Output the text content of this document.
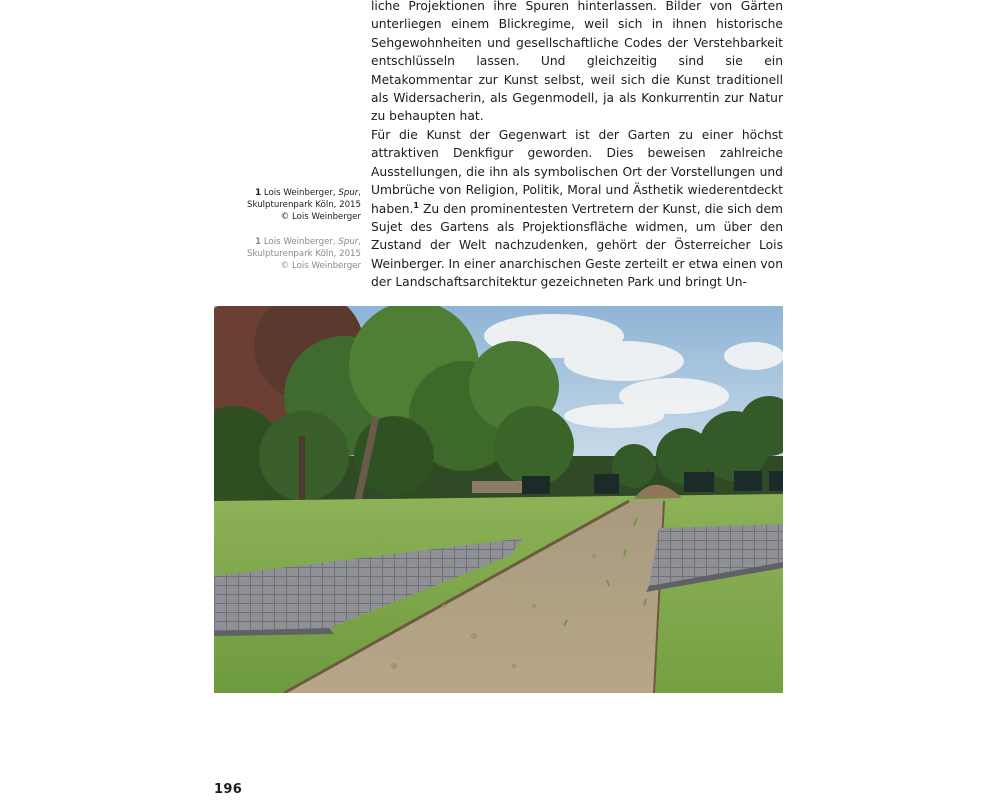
liche Projektionen ihre Spuren hinterlassen. Bilder von Gärten unterliegen einem Blickregime, weil sich in ihnen historische Sehgewohnheiten und gesellschaftliche Codes der Verstehbarkeit entschlüsseln lassen. Und gleichzeitig sind sie ein Metakommentar zur Kunst selbst, weil sich die Kunst traditionell als Widersacherin, als Gegenmodell, ja als Konkurrentin zur Natur zu behaupten hat.

Für die Kunst der Gegenwart ist der Garten zu einer höchst attraktiven Denkfigur geworden. Dies beweisen zahlreiche Ausstellungen, die ihn als symbolischen Ort der Vorstellungen und Umbrüche von Religion, Politik, Moral und Ästhetik wiederentdeckt haben.$^1$ Zu den prominentesten Vertretern der Kunst, die sich dem Sujet des Gartens als Projektionsfläche widmen, um über den Zustand der Welt nachzudenken, gehört der Österreicher Lois Weinberger. In einer anarchischen Geste zerteilt er etwa einen von der Landschaftsarchitektur gezeichneten Park und bringt Un-

1 Lois Weinberger, Spur,
Skulpturenpark Köln, 2015
© Lois Weinberger
1 Lois Weinberger, Spur,
Skulpturenpark Köln, 2015
© Lois Weinberger

196
